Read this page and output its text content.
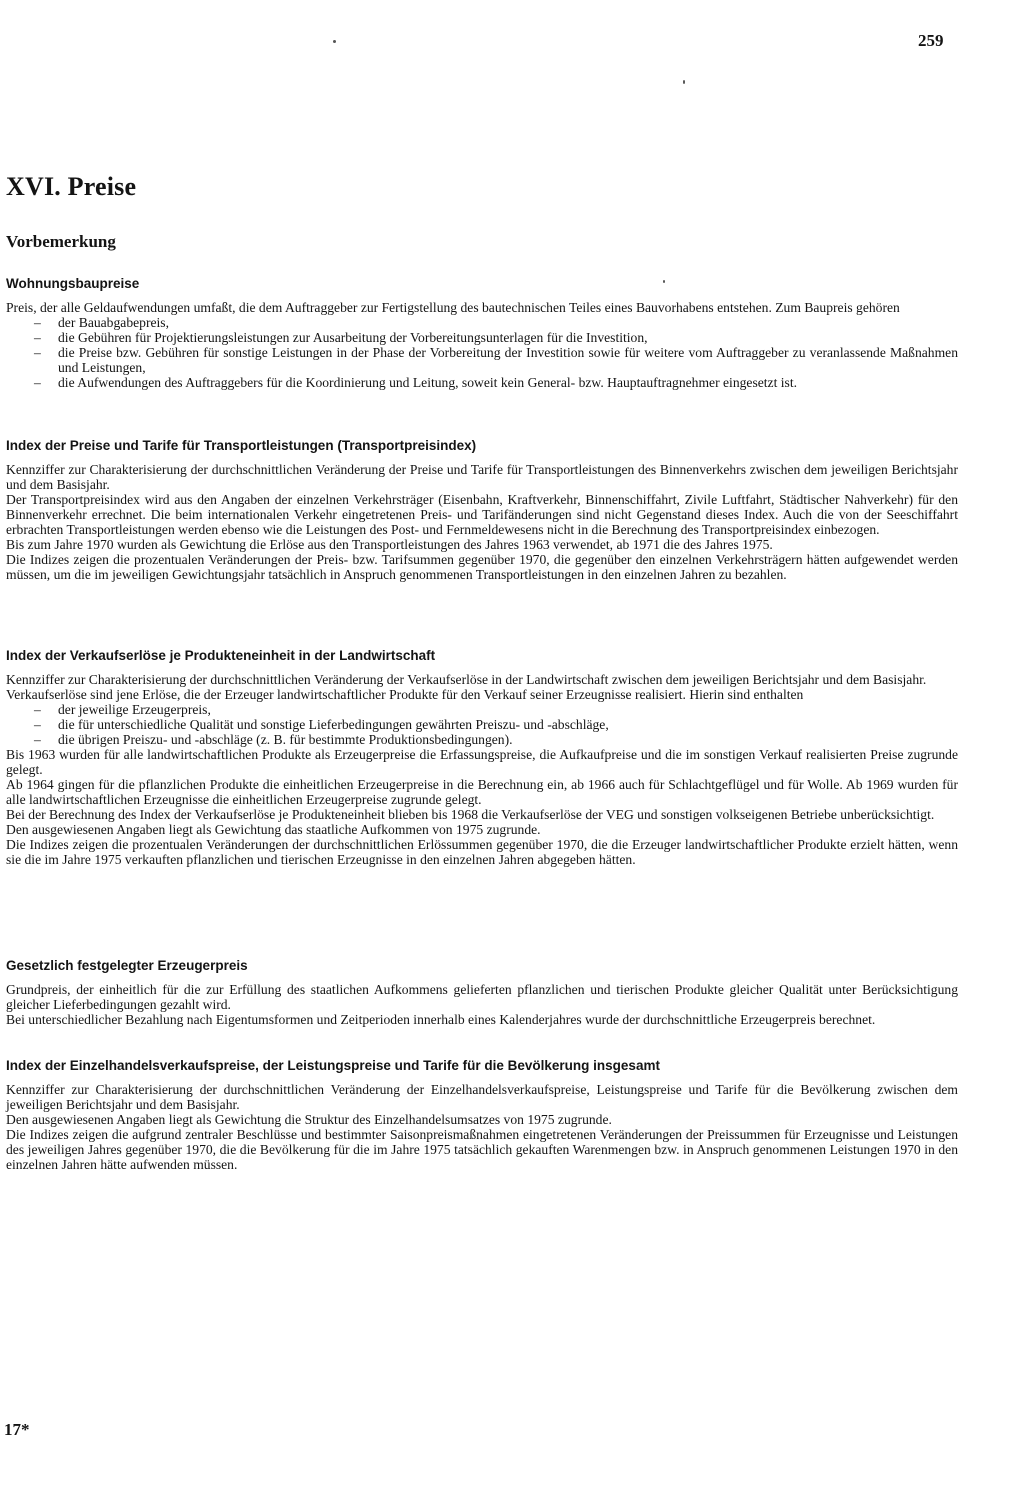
259
XVI. Preise
Vorbemerkung
Wohnungsbaupreise

Preis, der alle Geldaufwendungen umfaßt, die dem Auftraggeber zur Fertigstellung des bautechnischen Teiles eines Bauvorhabens entstehen. Zum Baupreis gehören

– der Bauabgabepreis,
– die Gebühren für Projektierungsleistungen zur Ausarbeitung der Vorbereitungsunterlagen für die Investition,
– die Preise bzw. Gebühren für sonstige Leistungen in der Phase der Vorbereitung der Investition sowie für weitere vom Auftraggeber zu veranlassende Maßnahmen und Leistungen,
– die Aufwendungen des Auftraggebers für die Koordinierung und Leitung, soweit kein General- bzw. Hauptauftragnehmer eingesetzt ist.
Index der Preise und Tarife für Transportleistungen (Transportpreisindex)

Kennziffer zur Charakterisierung der durchschnittlichen Veränderung der Preise und Tarife für Transportleistungen des Binnenverkehrs zwischen dem jeweiligen Berichtsjahr und dem Basisjahr.

Der Transportpreisindex wird aus den Angaben der einzelnen Verkehrsträger (Eisenbahn, Kraftverkehr, Binnenschiffahrt, Zivile Luftfahrt, Städtischer Nahverkehr) für den Binnenverkehr errechnet. Die beim internationalen Verkehr eingetretenen Preis- und Tarifänderungen sind nicht Gegenstand dieses Index. Auch die von der Seeschiffahrt erbrachten Transportleistungen werden ebenso wie die Leistungen des Post- und Fernmeldewesens nicht in die Berechnung des Transportpreisindex einbezogen.

Bis zum Jahre 1970 wurden als Gewichtung die Erlöse aus den Transportleistungen des Jahres 1963 verwendet, ab 1971 die des Jahres 1975.

Die Indizes zeigen die prozentualen Veränderungen der Preis- bzw. Tarifsummen gegenüber 1970, die gegenüber den einzelnen Verkehrsträgern hätten aufgewendet werden müssen, um die im jeweiligen Gewichtungsjahr tatsächlich in Anspruch genommenen Transportleistungen in den einzelnen Jahren zu bezahlen.

Index der Verkaufserlöse je Produkteneinheit in der Landwirtschaft

Kennziffer zur Charakterisierung der durchschnittlichen Veränderung der Verkaufserlöse in der Landwirtschaft zwischen dem jeweiligen Berichtsjahr und dem Basisjahr.

Verkaufserlöse sind jene Erlöse, die der Erzeuger landwirtschaftlicher Produkte für den Verkauf seiner Erzeugnisse realisiert. Hierin sind enthalten

– der jeweilige Erzeugerpreis,
– die für unterschiedliche Qualität und sonstige Lieferbedingungen gewährten Preiszu- und -abschläge,
– die übrigen Preiszu- und -abschläge (z. B. für bestimmte Produktionsbedingungen).

Bis 1963 wurden für alle landwirtschaftlichen Produkte als Erzeugerpreise die Erfassungspreise, die Aufkaufpreise und die im sonstigen Verkauf realisierten Preise zugrunde gelegt.

Ab 1964 gingen für die pflanzlichen Produkte die einheitlichen Erzeugerpreise in die Berechnung ein, ab 1966 auch für Schlachtgeflügel und für Wolle. Ab 1969 wurden für alle landwirtschaftlichen Erzeugnisse die einheitlichen Erzeugerpreise zugrunde gelegt.

Bei der Berechnung des Index der Verkaufserlöse je Produkteneinheit blieben bis 1968 die Verkaufserlöse der VEG und sonstigen volkseigenen Betriebe unberücksichtigt.

Den ausgewiesenen Angaben liegt als Gewichtung das staatliche Aufkommen von 1975 zugrunde.

Die Indizes zeigen die prozentualen Veränderungen der durchschnittlichen Erlössummen gegenüber 1970, die die Erzeuger landwirtschaftlicher Produkte erzielt hätten, wenn sie die im Jahre 1975 verkauften pflanzlichen und tierischen Erzeugnisse in den einzelnen Jahren abgegeben hätten.

Gesetzlich festgelegter Erzeugerpreis

Grundpreis, der einheitlich für die zur Erfüllung des staatlichen Aufkommens gelieferten pflanzlichen und tierischen Produkte gleicher Qualität unter Berücksichtigung gleicher Lieferbedingungen gezahlt wird.

Bei unterschiedlicher Bezahlung nach Eigentumsformen und Zeitperioden innerhalb eines Kalenderjahres wurde der durchschnittliche Erzeugerpreis berechnet.

Index der Einzelhandelsverkaufspreise, der Leistungspreise und Tarife für die Bevölkerung insgesamt

Kennziffer zur Charakterisierung der durchschnittlichen Veränderung der Einzelhandelsverkaufspreise, Leistungspreise und Tarife für die Bevölkerung zwischen dem jeweiligen Berichtsjahr und dem Basisjahr.

Den ausgewiesenen Angaben liegt als Gewichtung die Struktur des Einzelhandelsumsatzes von 1975 zugrunde.

Die Indizes zeigen die aufgrund zentraler Beschlüsse und bestimmter Saisonpreismaßnahmen eingetretenen Veränderungen der Preissummen für Erzeugnisse und Leistungen des jeweiligen Jahres gegenüber 1970, die die Bevölkerung für die im Jahre 1975 tatsächlich gekauften Warenmengen bzw. in Anspruch genommenen Leistungen 1970 in den einzelnen Jahren hätte aufwenden müssen.

17*
